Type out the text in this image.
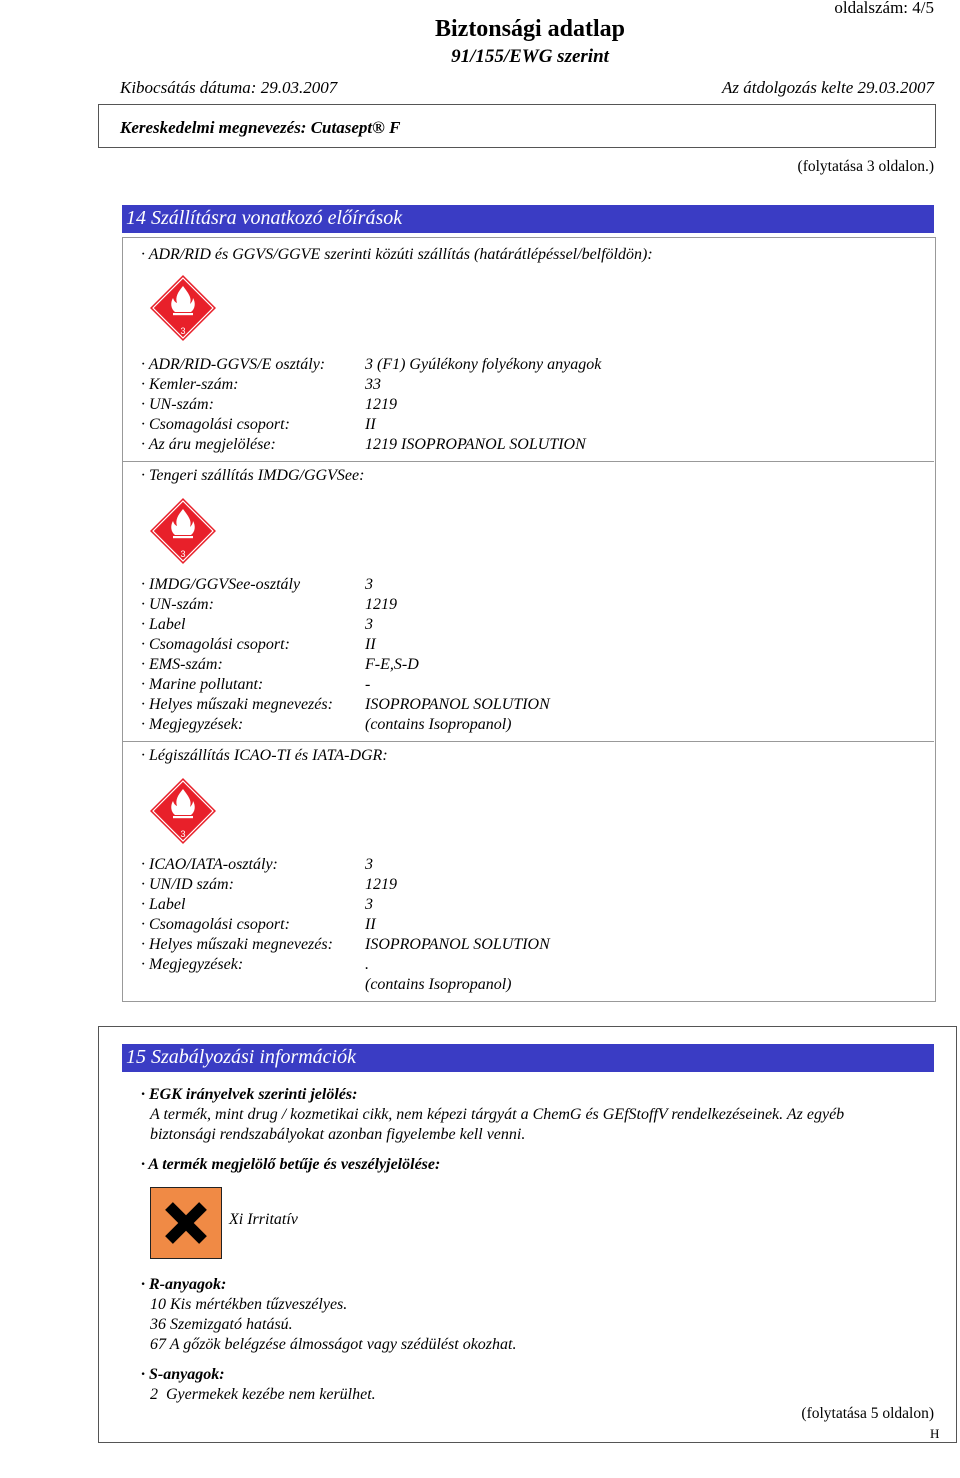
Biztonsági adatlap
91/155/EWG szerint
oldalszám: 4/5
Kibocsátás dátuma: 29.03.2007	Az átdolgozás kelte 29.03.2007
Kereskedelmi megnevezés: Cutasept® F
(folytatása 3 oldalon.)
14 Szállításra vonatkozó előírások
· ADR/RID és GGVS/GGVE szerinti közúti szállítás (határátlépéssel/belföldön):
3
· ADR/RID-GGVS/E osztály: 3 (F1) Gyúlékony folyékony anyagok
· Kemler-szám:	33
· UN-szám:	1219
· Csomagolási csoport:	II
· Az áru megjelölése:	1219 ISOPROPANOL SOLUTION
· Tengeri szállítás IMDG/GGVSee:
3
· IMDG/GGVSee-osztály	3
· UN-szám:	1219
· Label	3
· Csomagolási csoport:	II
· EMS-szám:	F-E,S-D
· Marine pollutant:	-
· Helyes műszaki megnevezés: ISOPROPANOL SOLUTION
· Megjegyzések:	(contains Isopropanol)
· Légiszállítás ICAO-TI és IATA-DGR:
3
· ICAO/IATA-osztály:	3
· UN/ID szám:	1219
· Label	3
· Csomagolási csoport:	II
· Helyes műszaki megnevezés: ISOPROPANOL SOLUTION
· Megjegyzések:	.
(contains Isopropanol)
15 Szabályozási információk
· EGK irányelvek szerinti jelölés:
A termék, mint drug / kozmetikai cikk, nem képezi tárgyát a ChemG és GEfStoffV rendelkezéseinek. Az egyéb
biztonsági rendszabályokat azonban figyelembe kell venni.
· A termék megjelölő betűje és veszélyjelölése:
Xi Irritatív
· R-anyagok:
10 Kis mértékben tűzveszélyes.
36 Szemizgató hatású.
67 A gőzök belégzése álmosságot vagy szédülést okozhat.
· S-anyagok:
2  Gyermekek kezébe nem kerülhet.
(folytatása 5 oldalon)
H
